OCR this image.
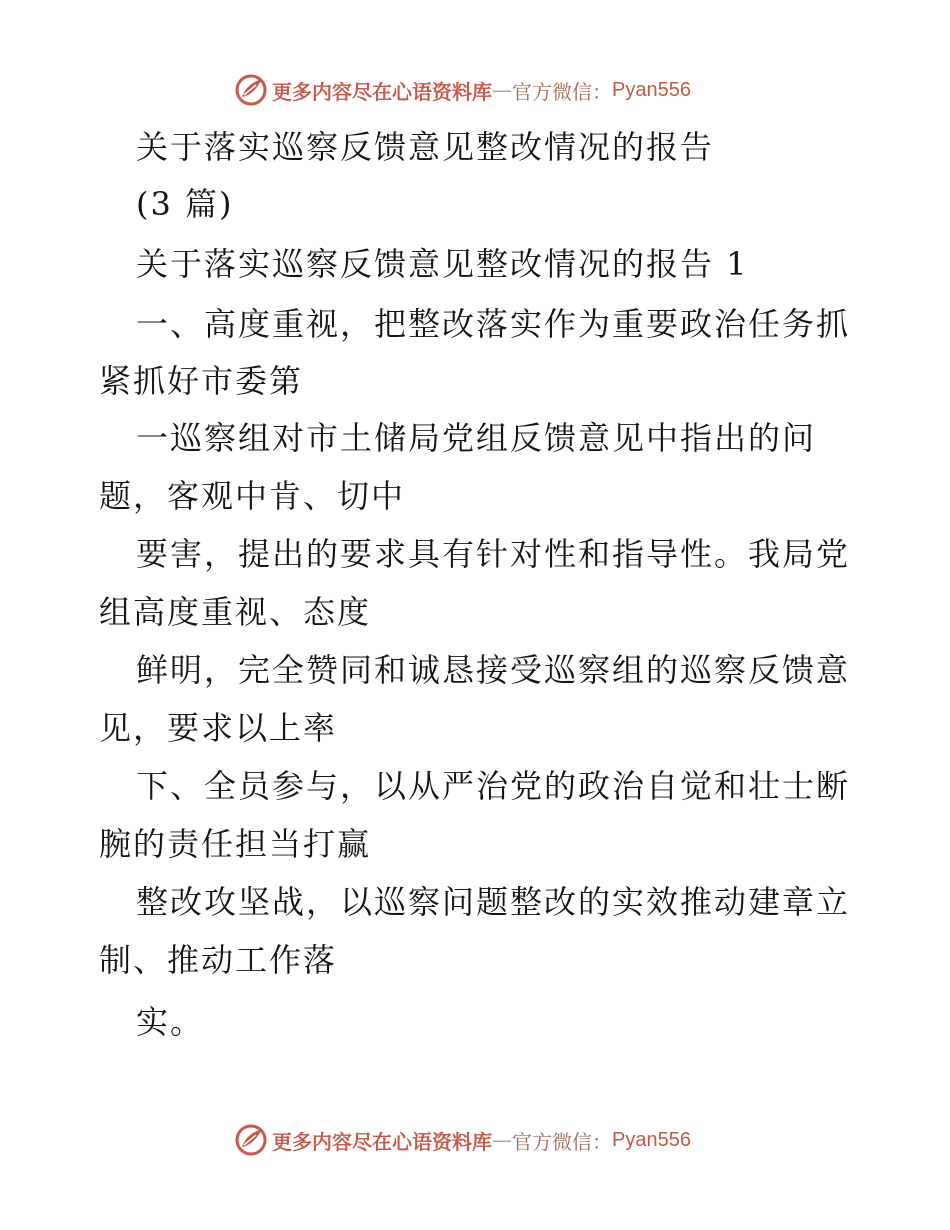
更多内容尽在心语资料库 — 官方微信： Pyan556
关于落实巡察反馈意见整改情况的报告
(3 篇)
关于落实巡察反馈意见整改情况的报告 1
一、高度重视，把整改落实作为重要政治任务抓
紧抓好市委第
一巡察组对市土储局党组反馈意见中指出的问
题，客观中肯、切中
要害，提出的要求具有针对性和指导性。我局党
组高度重视、态度
鲜明，完全赞同和诚恳接受巡察组的巡察反馈意
见，要求以上率
下、全员参与，以从严治党的政治自觉和壮士断
腕的责任担当打赢
整改攻坚战，以巡察问题整改的实效推动建章立
制、推动工作落
实。
更多内容尽在心语资料库 — 官方微信： Pyan556
